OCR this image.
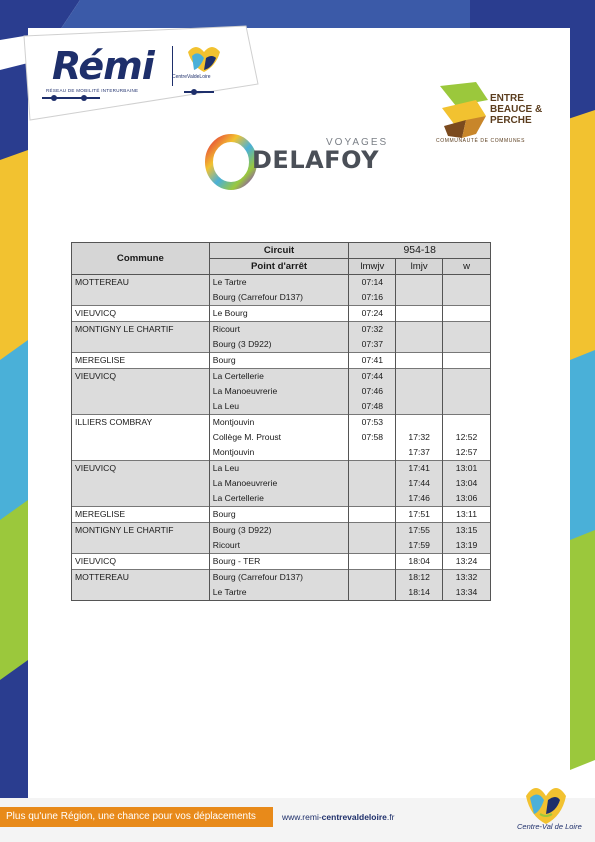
Rémi
RÉSEAU DE MOBILITÉ INTERURBAINE
CentreValdeLoire
ENTRE BEAUCE & PERCHE
COMMUNAUTÉ DE COMMUNES
VOYAGES
DELAFOY
Commune	Circuit	954-18		
	Point d'arrêt	lmwjv	lmjv	w
MOTTEREAU	Le Tartre	07:14		
	Bourg (Carrefour D137)	07:16		
VIEUVICQ	Le Bourg	07:24		
MONTIGNY LE CHARTIF	Ricourt	07:32		
	Bourg (3 D922)	07:37		
MEREGLISE	Bourg	07:41		
VIEUVICQ	La Certellerie	07:44		
	La Manoeuvrerie	07:46		
	La Leu	07:48		
ILLIERS COMBRAY	Montjouvin	07:53		
	Collège M. Proust	07:58	17:32	12:52
	Montjouvin		17:37	12:57
VIEUVICQ	La Leu		17:41	13:01
	La Manoeuvrerie		17:44	13:04
	La Certellerie		17:46	13:06
MEREGLISE	Bourg		17:51	13:11
MONTIGNY LE CHARTIF	Bourg (3 D922)		17:55	13:15
	Ricourt		17:59	13:19
VIEUVICQ	Bourg - TER		18:04	13:24
MOTTEREAU	Bourg (Carrefour D137)		18:12	13:32
	Le Tartre		18:14	13:34
Plus qu'une Région, une chance pour vos déplacements	www.remi-centrevaldeloire.fr
Centre-Val de Loire
